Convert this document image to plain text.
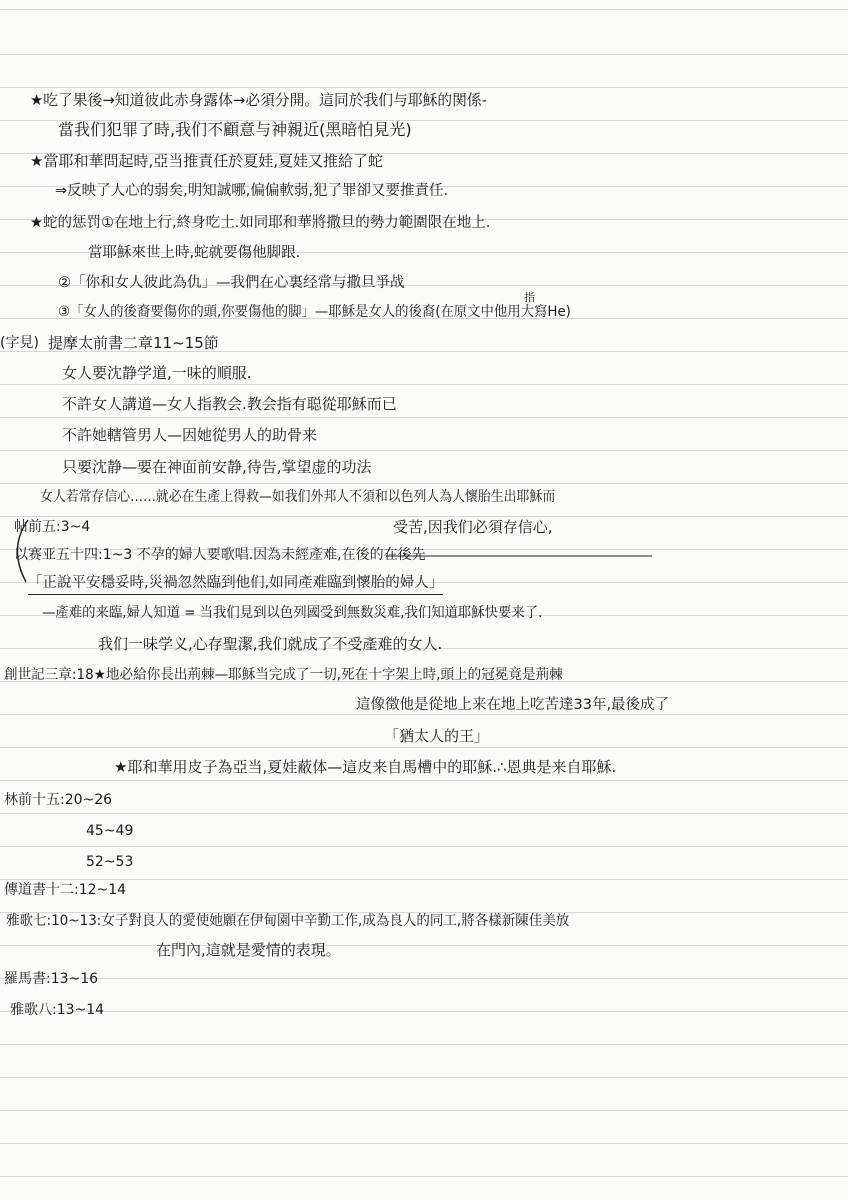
★吃了果後→知道彼此赤身露体→必須分開。這同於我们与耶穌的関係-
當我们犯罪了時,我们不顧意与神親近(黑暗怕見光)
★當耶和華問起時,亞当推責任於夏娃,夏娃又推給了蛇
⇒反映了人心的弱矣,明知誠哪,偏偏軟弱,犯了罪卻又要推責任.
★蛇的惩罚①在地上行,終身吃土.如同耶和華將撒旦的勢力範圍限在地上.
當耶穌來世上時,蛇就要傷他脚跟.
②「你和女人彼此為仇」—我們在心裏经常与撒旦爭战
指
③「女人的後裔要傷你的頭,你要傷他的脚」—耶穌是女人的後裔(在原文中他用大寫He)
(字見) 提摩太前書二章11~15節
女人要沈静学道,一味的順服.
不許女人講道—女人指教会.教会指有聪從耶穌而已
不許她轄管男人—因她從男人的助骨来
只要沈静—要在神面前安静,待告,掌望虚的功法
女人若常存信心……就必在生產上得救—如我们外邦人不須和以色列人為人懷胎生出耶穌而
帖前五:3~4	受苦,因我们必須存信心,
以赛亚五十四:1~3 不孕的婦人要歌唱.因為未經產难,在後的在後先
「正說平安穩妥時,災禍忽然臨到他们,如同產难臨到懷胎的婦人」
—產难的来臨,婦人知道 = 当我们見到以色列國受到無数災难,我们知道耶穌快要来了.
我们一味学义,心存聖潔,我们就成了不受產难的女人.
創世記三章:18★地必給你長出荊棘—耶穌当完成了一切,死在十字架上時,頭上的冠冕竟是荊棘
這像徵他是從地上来在地上吃苦達33年,最後成了
「猶太人的王」
★耶和華用皮子為亞当,夏娃蔽体—這皮来自馬槽中的耶穌.∴恩典是来自耶穌.
林前十五:20~26
45~49
52~53
傳道書十二:12~14
雅歌七:10~13:女子對良人的愛使她願在伊甸園中辛勤工作,成為良人的同工,將各樣新陳佳美放
在門內,這就是愛情的表現。
羅馬書:13~16
雅歌八:13~14
